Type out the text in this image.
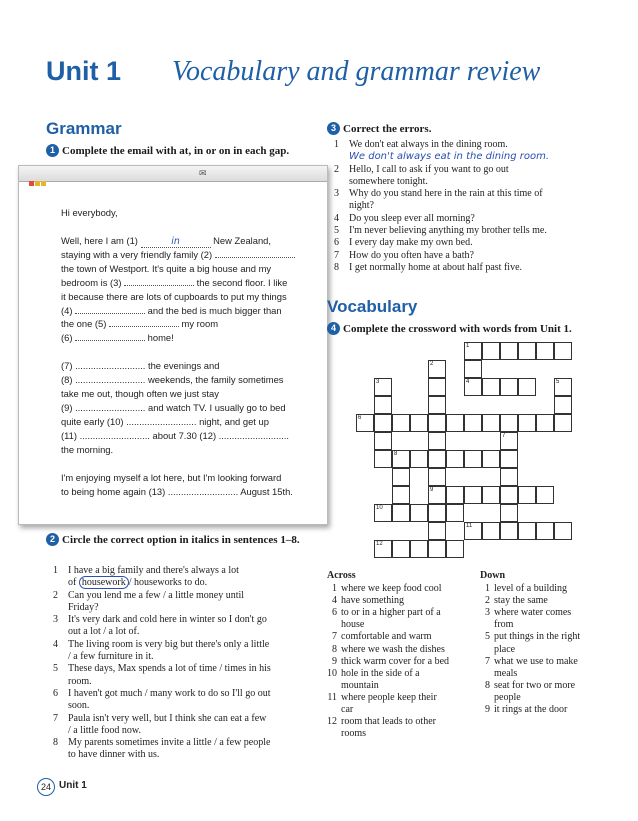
Unit 1 Vocabulary and grammar review
Grammar
1 Complete the email with at, in or on in each gap.
✉

Hi everybody,

Well, here I am (1)	in	New Zealand,
staying with a very friendly family (2)
the town of Westport. It's quite a big house and my
bedroom is (3)	the second floor. I like
it because there are lots of cupboards to put my things
(4)	and the bed is much bigger than
the one (5)	my room
(6)	home!

(7) ........................... the evenings and
(8) ........................... weekends, the family sometimes
take me out, though often we just stay
(9) ........................... and watch TV. I usually go to bed
quite early (10) ........................... night, and get up
(11) ........................... about 7.30 (12) ...........................
the morning.

I'm enjoying myself a lot here, but I'm looking forward
to being home again (13) ........................... August 15th.

2 Circle the correct option in italics in sentences 1–8.
1 I have a big family and there's always a lot
of housework / houseworks to do.
2 Can you lend me a few / a little money until
Friday?
3 It's very dark and cold here in winter so I don't go
out a lot / a lot of.
4 The living room is very big but there's only a little
/ a few furniture in it.
5 These days, Max spends a lot of time / times in his
room.
6 I haven't got much / many work to do so I'll go out
soon.
7 Paula isn't very well, but I think she can eat a few
/ a little food now.
8 My parents sometimes invite a little / a few people
to have dinner with us.
3 Correct the errors.
1 We don't eat always in the dining room.
We don't always eat in the dining room.
2 Hello, I call to ask if you want to go out
somewhere tonight.
3 Why do you stand here in the rain at this time of
night?
4 Do you sleep ever all morning?
5 I'm never believing anything my brother tells me.
6 I every day make my own bed.
7 How do you often have a bath?
8 I get normally home at about half past five.
Vocabulary
4 Complete the crossword with words from Unit 1.
1
2
3	4	5
6
7
8
9
10
11
12
Across
1 where we keep food cool
4 have something
6 to or in a higher part of a
house
7 comfortable and warm
8 where we wash the dishes
9 thick warm cover for a bed
10 hole in the side of a
mountain
11 where people keep their
car
12 room that leads to other
rooms
Down
1 level of a building
2 stay the same
3 where water comes
from
5 put things in the right
place
7 what we use to make
meals
8 seat for two or more
people
9 it rings at the door
24 Unit 1
